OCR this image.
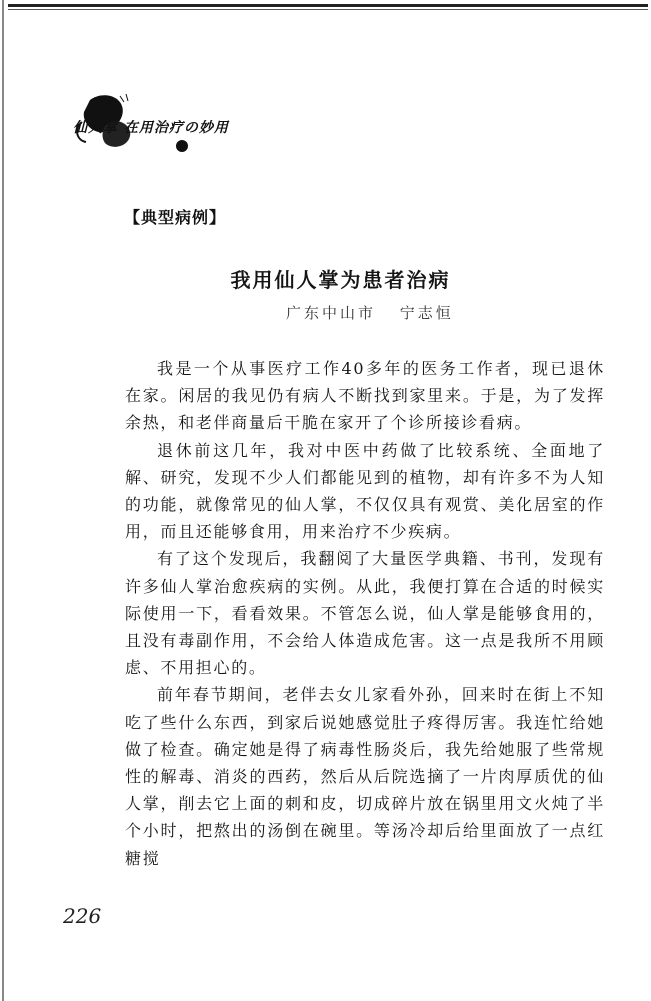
仙人掌 在用治疗の妙用
【典型病例】
我用仙人掌为患者治病
广东中山市 宁志恒

我是一个从事医疗工作40多年的医务工作者，现已退休在家。闲居的我见仍有病人不断找到家里来。于是，为了发挥余热，和老伴商量后干脆在家开了个诊所接诊看病。

退休前这几年，我对中医中药做了比较系统、全面地了解、研究，发现不少人们都能见到的植物，却有许多不为人知的功能，就像常见的仙人掌，不仅仅具有观赏、美化居室的作用，而且还能够食用，用来治疗不少疾病。

有了这个发现后，我翻阅了大量医学典籍、书刊，发现有许多仙人掌治愈疾病的实例。从此，我便打算在合适的时候实际使用一下，看看效果。不管怎么说，仙人掌是能够食用的，且没有毒副作用，不会给人体造成危害。这一点是我所不用顾虑、不用担心的。

前年春节期间，老伴去女儿家看外孙，回来时在街上不知吃了些什么东西，到家后说她感觉肚子疼得厉害。我连忙给她做了检查。确定她是得了病毒性肠炎后，我先给她服了些常规性的解毒、消炎的西药，然后从后院选摘了一片肉厚质优的仙人掌，削去它上面的刺和皮，切成碎片放在锅里用文火炖了半个小时，把熬出的汤倒在碗里。等汤冷却后给里面放了一点红糖搅

226
